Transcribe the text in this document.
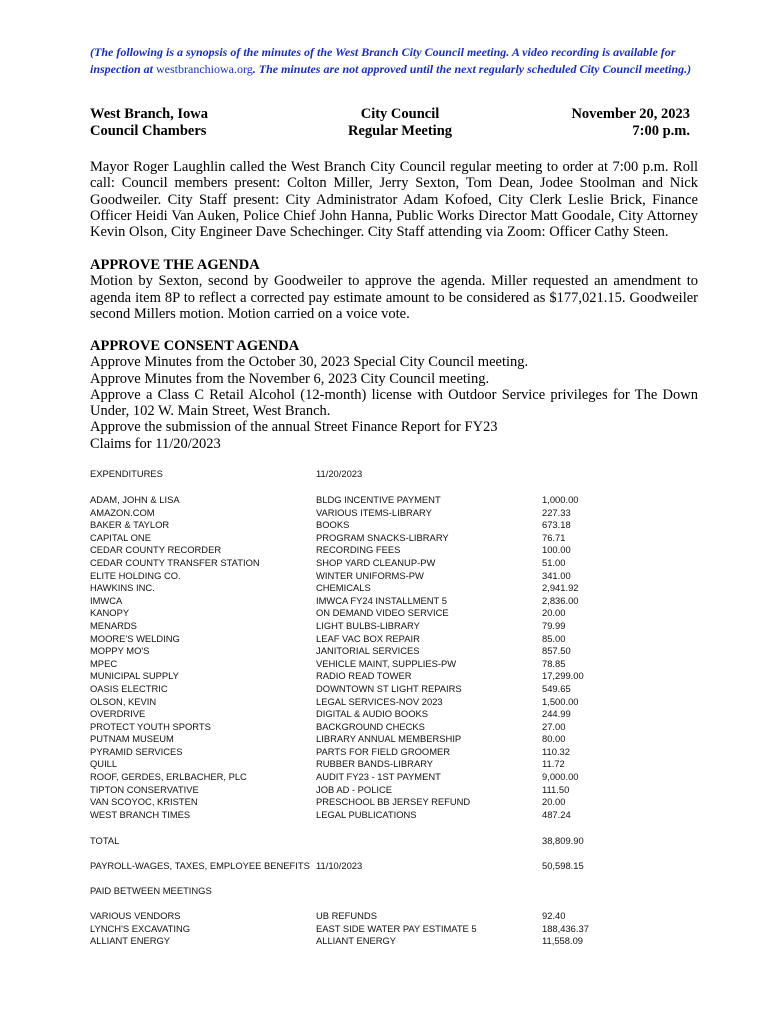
(The following is a synopsis of the minutes of the West Branch City Council meeting. A video recording is available for inspection at westbranchiowa.org. The minutes are not approved until the next regularly scheduled City Council meeting.)
West Branch, Iowa
Council Chambers
City Council
Regular Meeting
November 20, 2023
7:00 p.m.
Mayor Roger Laughlin called the West Branch City Council regular meeting to order at 7:00 p.m. Roll call: Council members present: Colton Miller, Jerry Sexton, Tom Dean, Jodee Stoolman and Nick Goodweiler. City Staff present: City Administrator Adam Kofoed, City Clerk Leslie Brick, Finance Officer Heidi Van Auken, Police Chief John Hanna, Public Works Director Matt Goodale, City Attorney Kevin Olson, City Engineer Dave Schechinger. City Staff attending via Zoom: Officer Cathy Steen.
APPROVE THE AGENDA
Motion by Sexton, second by Goodweiler to approve the agenda. Miller requested an amendment to agenda item 8P to reflect a corrected pay estimate amount to be considered as $177,021.15. Goodweiler second Millers motion. Motion carried on a voice vote.
APPROVE CONSENT AGENDA
Approve Minutes from the October 30, 2023 Special City Council meeting.
Approve Minutes from the November 6, 2023 City Council meeting.
Approve a Class C Retail Alcohol (12-month) license with Outdoor Service privileges for The Down Under, 102 W. Main Street, West Branch.
Approve the submission of the annual Street Finance Report for FY23
Claims for 11/20/2023
EXPENDITURES	11/20/2023
ADAM, JOHN & LISA	BLDG INCENTIVE PAYMENT	1,000.00
AMAZON.COM	VARIOUS ITEMS-LIBRARY	227.33
BAKER & TAYLOR	BOOKS	673.18
CAPITAL ONE	PROGRAM SNACKS-LIBRARY	76.71
CEDAR COUNTY RECORDER	RECORDING FEES	100.00
CEDAR COUNTY TRANSFER STATION	SHOP YARD CLEANUP-PW	51.00
ELITE HOLDING CO.	WINTER UNIFORMS-PW	341.00
HAWKINS INC.	CHEMICALS	2,941.92
IMWCA	IMWCA FY24 INSTALLMENT 5	2,836.00
KANOPY	ON DEMAND VIDEO SERVICE	20.00
MENARDS	LIGHT BULBS-LIBRARY	79.99
MOORE'S WELDING	LEAF VAC BOX REPAIR	85.00
MOPPY MO'S	JANITORIAL SERVICES	857.50
MPEC	VEHICLE MAINT, SUPPLIES-PW	78.85
MUNICIPAL SUPPLY	RADIO READ TOWER	17,299.00
OASIS ELECTRIC	DOWNTOWN ST LIGHT REPAIRS	549.65
OLSON, KEVIN	LEGAL SERVICES-NOV 2023	1,500.00
OVERDRIVE	DIGITAL & AUDIO BOOKS	244.99
PROTECT YOUTH SPORTS	BACKGROUND CHECKS	27.00
PUTNAM MUSEUM	LIBRARY ANNUAL MEMBERSHIP	80.00
PYRAMID SERVICES	PARTS FOR FIELD GROOMER	110.32
QUILL	RUBBER BANDS-LIBRARY	11.72
ROOF, GERDES, ERLBACHER, PLC	AUDIT FY23 - 1ST PAYMENT	9,000.00
TIPTON CONSERVATIVE	JOB AD - POLICE	111.50
VAN SCOYOC, KRISTEN	PRESCHOOL BB JERSEY REFUND	20.00
WEST BRANCH TIMES	LEGAL PUBLICATIONS	487.24
TOTAL	38,809.90
PAYROLL-WAGES, TAXES, EMPLOYEE BENEFITS 11/10/2023	50,598.15
PAID BETWEEN MEETINGS
VARIOUS VENDORS	UB REFUNDS	92.40
LYNCH'S EXCAVATING	EAST SIDE WATER PAY ESTIMATE 5	188,436.37
ALLIANT ENERGY	ALLIANT ENERGY	11,558.09
